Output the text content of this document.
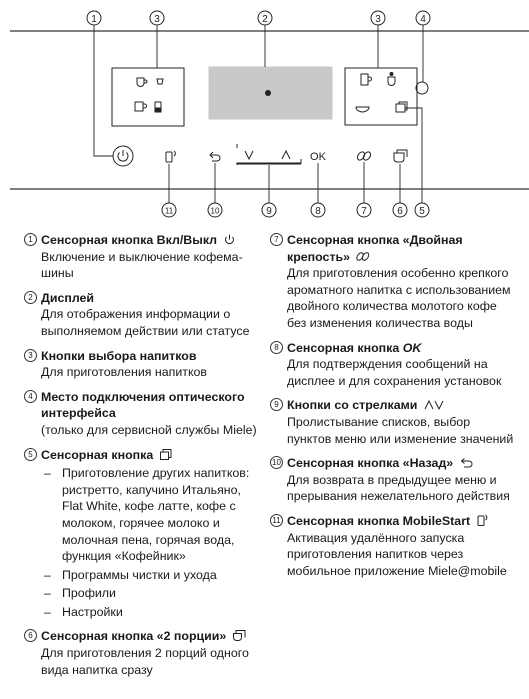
OK
1	3	2	3	4
11	10	9	8	7	6 5
1 Сенсорная кнопка Вкл/Выкл
Включение и выключение кофема-шины
2 Дисплей
Для отображения информации о выполняемом действии или статусе
3 Кнопки выбора напитков
Для приготовления напитков
4 Место подключения оптического интерфейса
(только для сервисной службы Miele)
5 Сенсорная кнопка
– Приготовление других напитков: ристретто, капучино Итальяно, Flat White, кофе латте, кофе с молоком, горячее молоко и молочная пена, горячая вода, функция «Кофейник»
– Программы чистки и ухода
– Профили
– Настройки
6 Сенсорная кнопка «2 порции»
Для приготовления 2 порций одного вида напитка сразу
7 Сенсорная кнопка «Двойная крепость»
Для приготовления особенно крепкого ароматного напитка с использованием двойного количества молотого кофе без изменения количества воды
8 Сенсорная кнопка OK
Для подтверждения сообщений на дисплее и для сохранения установок
9 Кнопки со стрелками
Пролистывание списков, выбор пунктов меню или изменение значений
10 Сенсорная кнопка «Назад»
Для возврата в предыдущее меню и прерывания нежелательного действия
11 Сенсорная кнопка MobileStart
Активация удалённого запуска приготовления напитков через мобильное приложение Miele@mobile
